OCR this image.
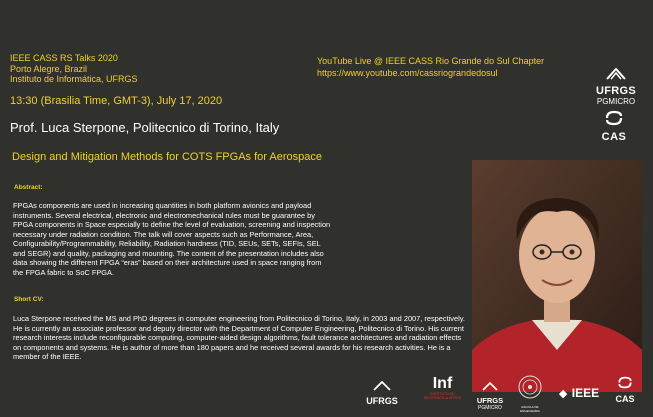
IEEE CASS RS Talks 2020
Porto Alegre, Brazil
Instituto de Informática, UFRGS
13:30 (Brasilia Time, GMT-3), July 17, 2020
Prof. Luca Sterpone, Politecnico di Torino, Italy
Design and Mitigation Methods for COTS FPGAs for Aerospace
YouTube Live @ IEEE CASS Rio Grande do Sul Chapter
https://www.youtube.com/cassriograndedosul
UFRGS
PGMICRO
CAS
Abstract:
FPGAs components are used in increasing quantities in both platform avionics and payload instruments. Several electrical, electronic and electromechanical rules must be guarantee by FPGA components in Space especially to define the level of evaluation, screening and inspection necessary under radiation condition. The talk will cover aspects such as Performance, Area, Configurability/Programmability, Reliability, Radiation hardness (TID, SEUs, SETs, SEFIs, SEL and SEGR) and quality, packaging and mounting. The content of the presentation includes also data showing the different FPGA “eras” based on their architecture used in space ranging from the FPGA fabric to SoC FPGA.
Short CV:
Luca Sterpone received the MS and PhD degrees in computer engineering from Politecnico di Torino, Italy, in 2003 and 2007, respectively. He is currently an associate professor and deputy director with the Department of Computer Engineering, Politecnico di Torino. His current research interests include reconfigurable computing, computer-aided design algorithms, fault tolerance architectures and radiation effects on components and systems. He is author of more than 180 papers and he received several awards for his research activities. He is a member of the IEEE.
UFRGS
Inf
INSTITUTO DE INFORMÁTICA UFRGS	UFRGS
PGMICRO	ESCOLA DE ENGENHARIA
◆ IEEE	CAS
